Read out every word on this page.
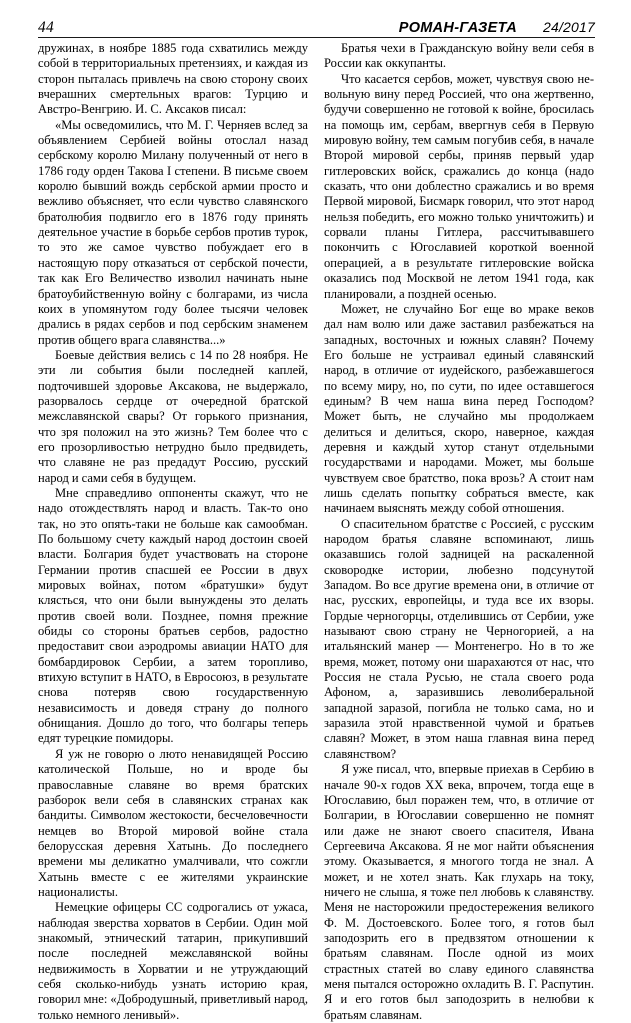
44	РОМАН-ГАЗЕТА 24/2017

дружинах, в ноябре 1885 года схватились между собой в территориальных претензиях, и каждая из сторон пыталась привлечь на свою сторону своих вчерашних смертельных врагов: Турцию и Австро-Венгрию. И. С. Аксаков писал:

«Мы осведомились, что М. Г. Черняев вслед за объявлением Сербией войны отослал назад сербскому королю Милану полученный от него в 1786 году орден Такова I степени. В письме своем королю бывший вождь сербской армии просто и вежливо объясняет, что если чувство славянского братолюбия подвигло его в 1876 году принять деятельное участие в борьбе сербов против турок, то это же самое чувство побуждает его в настоящую пору отказаться от сербской почести, так как Его Величество изволил начинать ныне братоубийственную войну с болгарами, из числа коих в упомянутом году более тысячи человек дрались в рядах сербов и под сербским знаменем против общего врага славянства...»

Боевые действия велись с 14 по 28 ноября. Не эти ли события были последней каплей, подточившей здоровье Аксакова, не выдержало, разорвалось сердце от очередной братской межславянской свары? От горького признания, что зря положил на это жизнь? Тем более что с его прозорливостью нетрудно было предвидеть, что славяне не раз предадут Россию, русский народ и сами себя в будущем.

Мне справедливо оппоненты скажут, что не надо отождествлять народ и власть. Так-то оно так, но это опять-таки не больше как самообман. По большому счету каждый народ достоин своей власти. Болгария будет участвовать на стороне Германии против спасшей ее России в двух мировых войнах, потом «братушки» будут клясться, что они были вынуждены это делать против своей воли. Позднее, помня прежние обиды со стороны братьев сербов, радостно предоставит свои аэродромы авиации НАТО для бомбардировок Сербии, а затем торопливо, втихую вступит в НАТО, в Евросоюз, в результате снова потеряв свою государственную независимость и доведя страну до полного обнищания. Дошло до того, что болгары теперь едят турецкие помидоры.

Я уж не говорю о люто ненавидящей Россию католической Польше, но и вроде бы православные славяне во время братских разборок вели себя в славянских странах как бандиты. Символом жестокости, бесчеловечности немцев во Второй мировой войне стала белорусская деревня Хатынь. До последнего времени мы деликатно умалчивали, что сожгли Хатынь вместе с ее жителями украинские националисты.

Немецкие офицеры СС содрогались от ужаса, наблюдая зверства хорватов в Сербии. Один мой знакомый, этнический татарин, прикупивший после последней межславянской войны недвижимость в Хорватии и не утруждающий себя сколько-нибудь узнать историю края, говорил мне: «Добродушный, приветливый народ, только немного ленивый».

Братья чехи в Гражданскую войну вели себя в России как оккупанты.

Что касается сербов, может, чувствуя свою невольную вину перед Россией, что она жертвенно, будучи совершенно не готовой к войне, бросилась на помощь им, сербам, ввергнув себя в Первую мировую войну, тем самым погубив себя, в начале Второй мировой сербы, приняв первый удар гитлеровских войск, сражались до конца (надо сказать, что они доблестно сражались и во время Первой мировой, Бисмарк говорил, что этот народ нельзя победить, его можно только уничтожить) и сорвали планы Гитлера, рассчитывавшего покончить с Югославией короткой военной операцией, а в результате гитлеровские войска оказались под Москвой не летом 1941 года, как планировали, а поздней осенью.

Может, не случайно Бог еще во мраке веков дал нам волю или даже заставил разбежаться на западных, восточных и южных славян? Почему Его больше не устраивал единый славянский народ, в отличие от иудейского, разбежавшегося по всему миру, но, по сути, по идее оставшегося единым? В чем наша вина перед Господом? Может быть, не случайно мы продолжаем делиться и делиться, скоро, наверное, каждая деревня и каждый хутор станут отдельными государствами и народами. Может, мы больше чувствуем свое братство, пока врозь? А стоит нам лишь сделать попытку собраться вместе, как начинаем выяснять между собой отношения.

О спасительном братстве с Россией, с русским народом братья славяне вспоминают, лишь оказавшись голой задницей на раскаленной сковородке истории, любезно подсунутой Западом. Во все другие времена они, в отличие от нас, русских, европейцы, и туда все их взоры. Гордые черногорцы, отделившись от Сербии, уже называют свою страну не Черногорией, а на итальянский манер — Монтенегро. Но в то же время, может, потому они шарахаются от нас, что Россия не стала Русью, не стала своего рода Афоном, а, заразившись леволиберальной западной заразой, погибла не только сама, но и заразила этой нравственной чумой и братьев славян? Может, в этом наша главная вина перед славянством?

Я уже писал, что, впервые приехав в Сербию в начале 90-х годов XX века, впрочем, тогда еще в Югославию, был поражен тем, что, в отличие от Болгарии, в Югославии совершенно не помнят или даже не знают своего спасителя, Ивана Сергеевича Аксакова. Я не мог найти объяснения этому. Оказывается, я многого тогда не знал. А может, и не хотел знать. Как глухарь на току, ничего не слыша, я тоже пел любовь к славянству. Меня не насторожили предостережения великого Ф. М. Достоевского. Более того, я готов был заподозрить его в предвзятом отношении к братьям славянам. После одной из моих страстных статей во славу единого славянства меня пытался осторожно охладить В. Г. Распутин. Я и его готов был заподозрить в нелюбви к братьям славянам.
